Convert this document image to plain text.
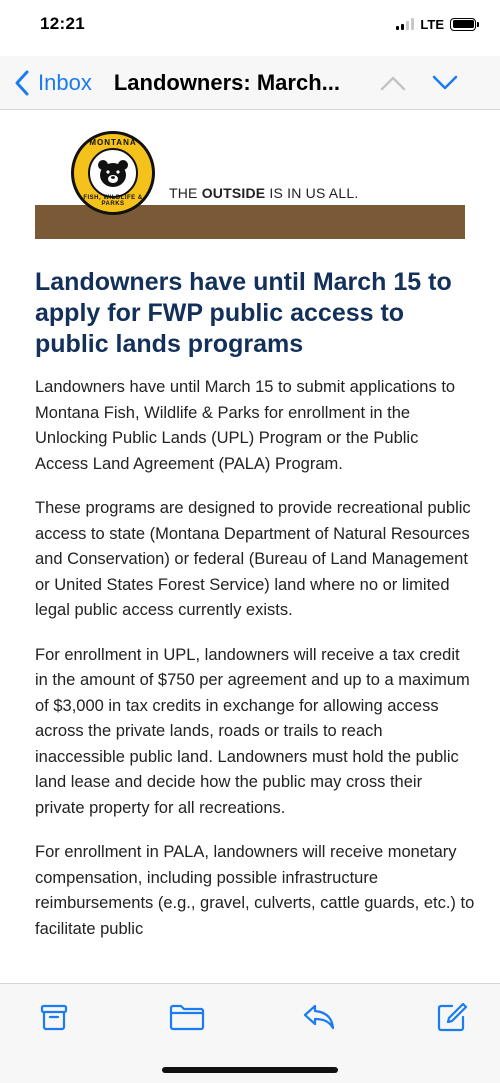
12:21	LTE
Inbox Landowners: March...
MONTANA
FISH, WILDLIFE & PARKS
THE OUTSIDE IS IN US ALL.
Landowners have until March 15 to apply for FWP public access to public lands programs

Landowners have until March 15 to submit applications to Montana Fish, Wildlife & Parks for enrollment in the Unlocking Public Lands (UPL) Program or the Public Access Land Agreement (PALA) Program.

These programs are designed to provide recreational public access to state (Montana Department of Natural Resources and Conservation) or federal (Bureau of Land Management or United States Forest Service) land where no or limited legal public access currently exists.

For enrollment in UPL, landowners will receive a tax credit in the amount of $750 per agreement and up to a maximum of $3,000 in tax credits in exchange for allowing access across the private lands, roads or trails to reach inaccessible public land. Landowners must hold the public land lease and decide how the public may cross their private property for all recreations.

For enrollment in PALA, landowners will receive monetary compensation, including possible infrastructure reimbursements (e.g., gravel, culverts, cattle guards, etc.) to facilitate public
